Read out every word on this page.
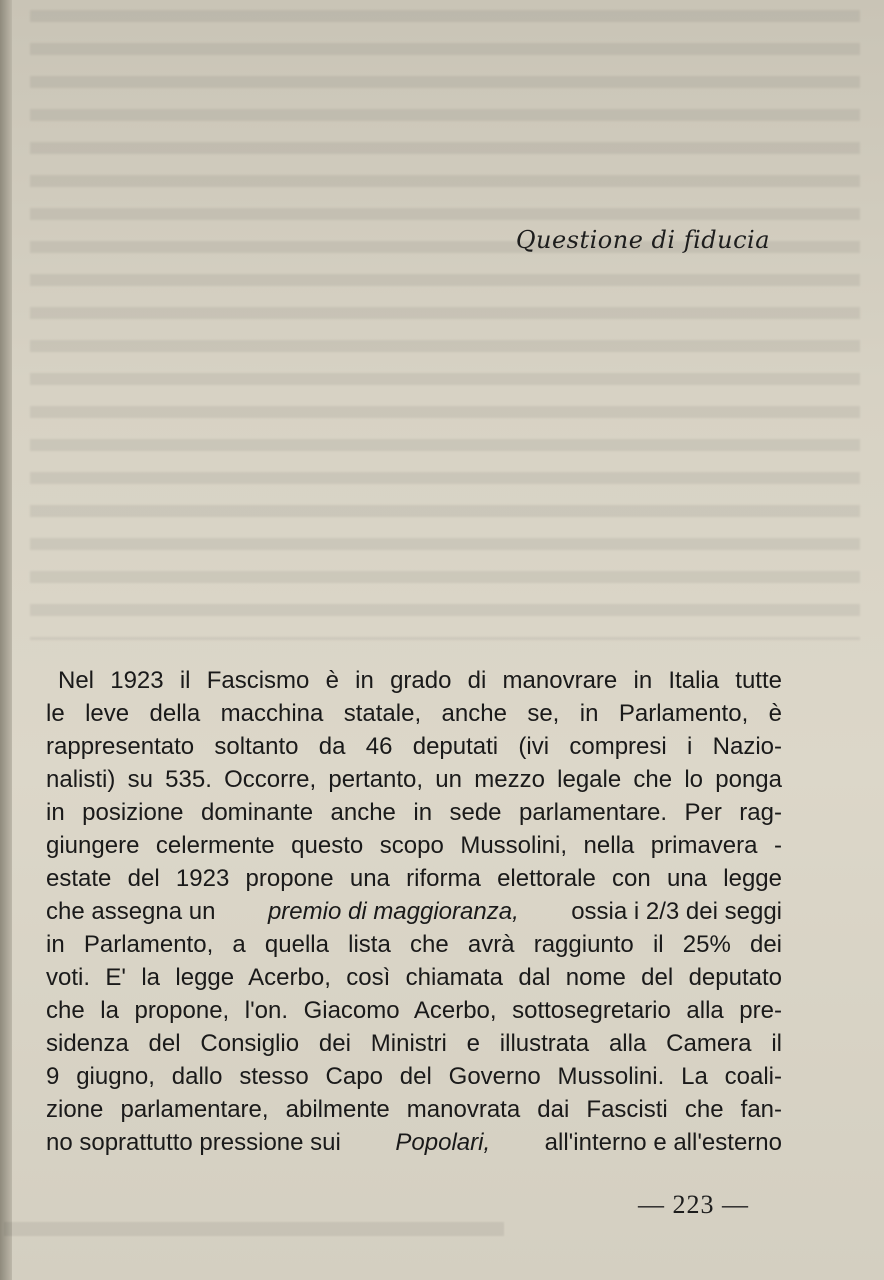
Questione di fiducia
Nel 1923 il Fascismo è in grado di manovrare in Italia tutte
le leve della macchina statale, anche se, in Parlamento, è
rappresentato soltanto da 46 deputati (ivi compresi i Nazio-
nalisti) su 535. Occorre, pertanto, un mezzo legale che lo ponga
in posizione dominante anche in sede parlamentare. Per rag-
giungere celermente questo scopo Mussolini, nella primavera -
estate del 1923 propone una riforma elettorale con una legge
che assegna un premio di maggioranza, ossia i 2/3 dei seggi
in Parlamento, a quella lista che avrà raggiunto il 25% dei
voti. E' la legge Acerbo, così chiamata dal nome del deputato
che la propone, l'on. Giacomo Acerbo, sottosegretario alla pre-
sidenza del Consiglio dei Ministri e illustrata alla Camera il
9 giugno, dallo stesso Capo del Governo Mussolini. La coali-
zione parlamentare, abilmente manovrata dai Fascisti che fan-
no soprattutto pressione sui Popolari, all'interno e all'esterno
— 223 —
